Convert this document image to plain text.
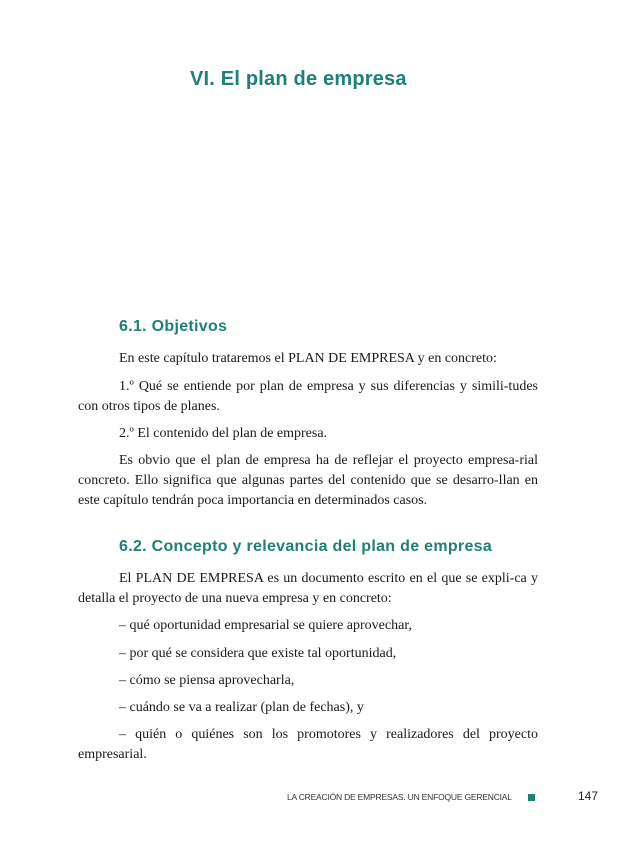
VI. El plan de empresa
6.1. Objetivos

En este capítulo trataremos el PLAN DE EMPRESA y en concreto:

1.º Qué se entiende por plan de empresa y sus diferencias y simili-tudes con otros tipos de planes.

2.º El contenido del plan de empresa.

Es obvio que el plan de empresa ha de reflejar el proyecto empresa-rial concreto. Ello significa que algunas partes del contenido que se desarro-llan en este capítulo tendrán poca importancia en determinados casos.

6.2. Concepto y relevancia del plan de empresa

El PLAN DE EMPRESA es un documento escrito en el que se expli-ca y detalla el proyecto de una nueva empresa y en concreto:

– qué oportunidad empresarial se quiere aprovechar,

– por qué se considera que existe tal oportunidad,

– cómo se piensa aprovecharla,

– cuándo se va a realizar (plan de fechas), y

– quién o quiénes son los promotores y realizadores del proyecto empresarial.

LA CREACIÓN DE EMPRESAS. UN ENFOQUE GERENCIAL	147
